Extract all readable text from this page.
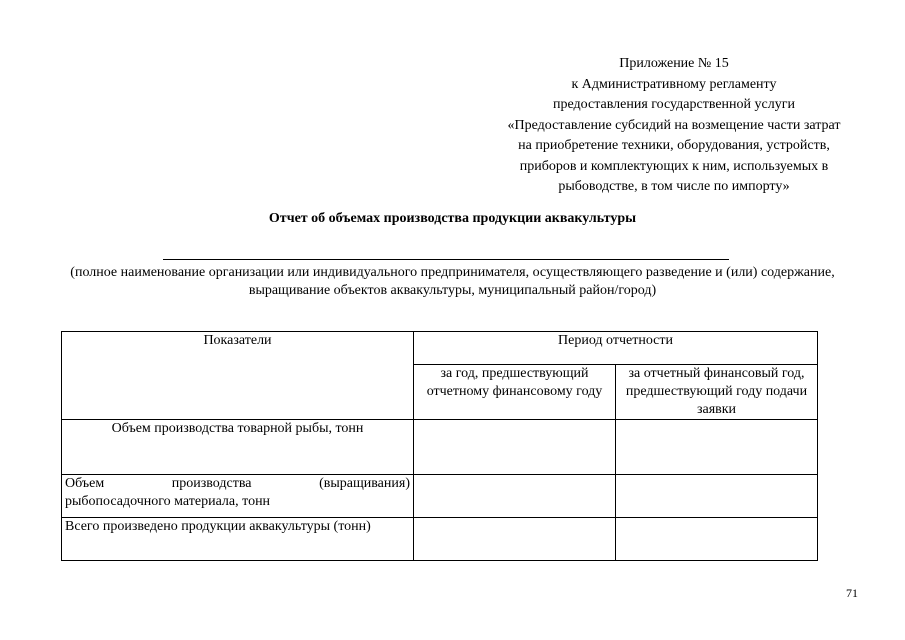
Приложение № 15
к Административному регламенту
предоставления государственной услуги
«Предоставление субсидий на возмещение части затрат
на приобретение техники, оборудования, устройств,
приборов и комплектующих к ним, используемых в
рыбоводстве, в том числе по импорту»
Отчет об объемах производства продукции аквакультуры
(полное наименование организации или индивидуального предпринимателя, осуществляющего разведение и (или) содержание,
выращивание объектов аквакультуры, муниципальный район/город)
Показатели	Период отчетности	
	за год, предшествующий отчетному финансовому году	за отчетный финансовый год, предшествующий году подачи заявки
Объем производства товарной рыбы, тонн		

Объем производства (выращивания)
рыбопосадочного материала, тонн		

Всего произведено продукции аквакультуры (тонн)		
71
